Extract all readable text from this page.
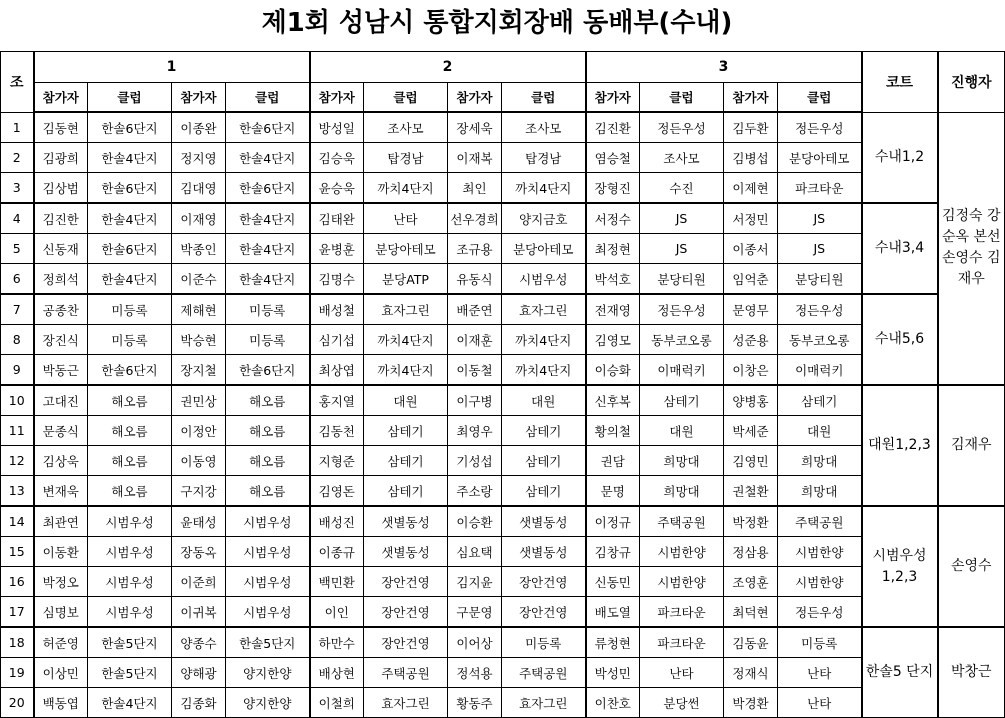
제1회 성남시 통합지회장배 동배부(수내)
조	1				2				3				코트	진행자
	참가자	클럽	참가자	클럽	참가자	클럽	참가자	클럽	참가자	클럽	참가자	클럽		
1	김동현	한솔6단지	이종완	한솔6단지	방성일	조사모	장세욱	조사모	김진환	정든우성	김두환	정든우성	수내1,2	김정숙 강순옥 본선 손영수 김재우
2	김광희	한솔4단지	정지영	한솔4단지	김승욱	탑경남	이재복	탑경남	염승철	조사모	김병섭	분당아테모		
3	김상범	한솔6단지	김대영	한솔6단지	윤승욱	까치4단지	최인	까치4단지	장형진	수진	이제현	파크타운		
4	김진한	한솔4단지	이재영	한솔4단지	김태완	난타	선우경희	양지금호	서정수	JS	서정민	JS	수내3,4	
5	신동재	한솔6단지	박종인	한솔4단지	윤병훈	분당아테모	조규용	분당아테모	최정현	JS	이종서	JS		
6	정희석	한솔4단지	이준수	한솔4단지	김명수	분당ATP	유동식	시범우성	박석호	분당티원	임억춘	분당티원		
7	공종찬	미등록	제해현	미등록	배성철	효자그린	배준연	효자그린	전재영	정든우성	문영무	정든우성	수내5,6	
8	장진식	미등록	박승현	미등록	심기섭	까치4단지	이재훈	까치4단지	김영모	동부코오롱	성준용	동부코오롱		
9	박동근	한솔6단지	장지철	한솔6단지	최상엽	까치4단지	이동철	까치4단지	이승화	이매럭키	이창은	이매럭키		
10	고대진	해오름	권민상	해오름	홍지열	대원	이구병	대원	신후복	삼테기	양병홍	삼테기	대원1,2,3	김재우
11	문종식	해오름	이정안	해오름	김동천	삼테기	최영우	삼테기	황의철	대원	박세준	대원		
12	김상욱	해오름	이동영	해오름	지형준	삼테기	기성섭	삼테기	권담	희망대	김영민	희망대		
13	변재욱	해오름	구지강	해오름	김영돈	삼테기	주소랑	삼테기	문명	희망대	권철환	희망대		
14	최관연	시범우성	윤태성	시범우성	배성진	샛별동성	이승환	샛별동성	이정규	주택공원	박정환	주택공원	시범우성 1,2,3	손영수
15	이동환	시범우성	장동옥	시범우성	이종규	샛별동성	심요택	샛별동성	김창규	시범한양	정삼용	시범한양		
16	박정오	시범우성	이준희	시범우성	백민환	장안건영	김지윤	장안건영	신동민	시범한양	조영훈	시범한양		
17	심명보	시범우성	이귀복	시범우성	이인	장안건영	구문영	장안건영	배도열	파크타운	최덕현	정든우성		
18	허준영	한솔5단지	양종수	한솔5단지	하만수	장안건영	이어상	미등록	류청현	파크타운	김동윤	미등록	한솔5 단지	박창근
19	이상민	한솔5단지	양해광	양지한양	배상현	주택공원	정석용	주택공원	박성민	난타	정재식	난타		
20	백동엽	한솔4단지	김종화	양지한양	이철희	효자그린	황동주	효자그린	이찬호	분당썬	박경환	난타		
